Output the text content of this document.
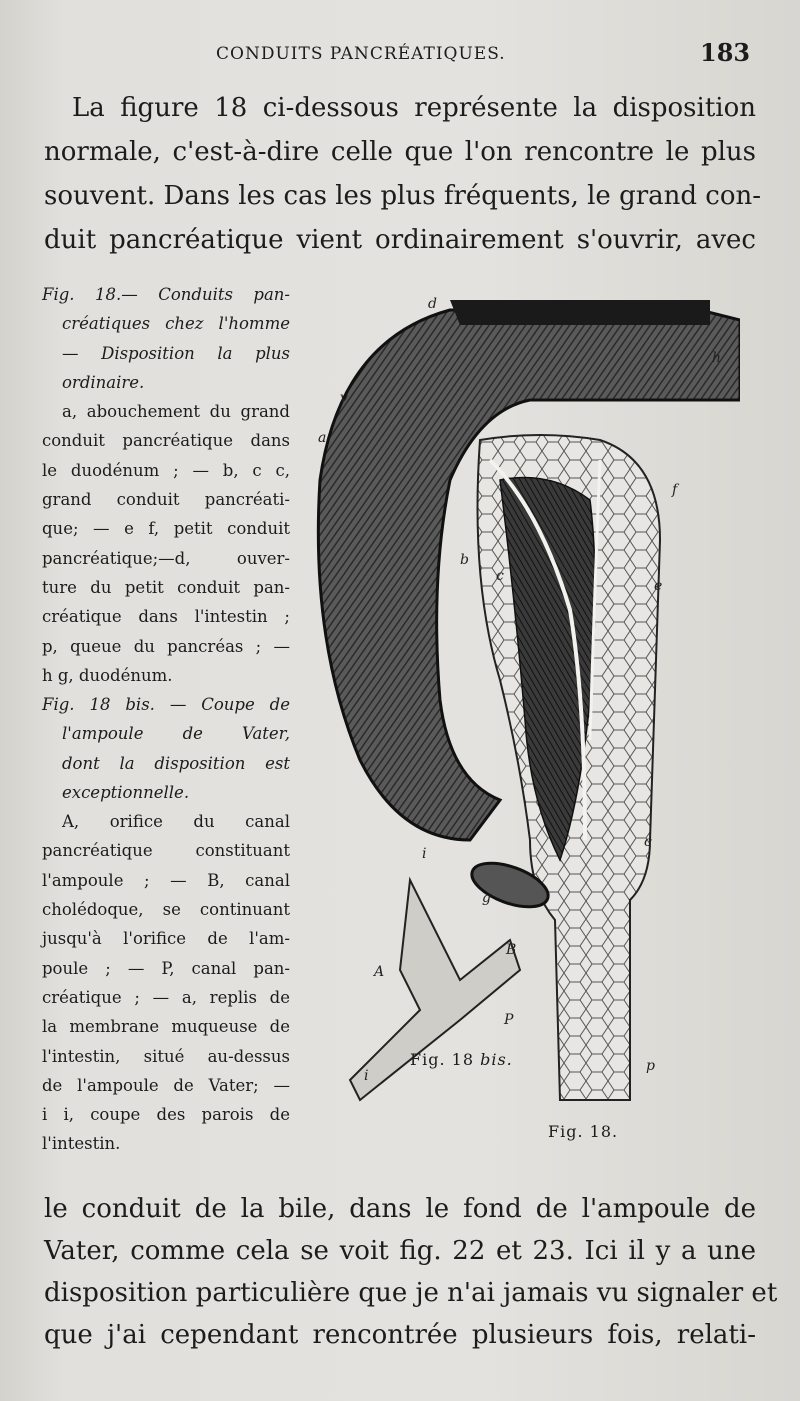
CONDUITS PANCRÉATIQUES.	183
La figure 18 ci-dessous représente la disposition
normale, c'est-à-dire celle que l'on rencontre le plus
souvent. Dans les cas les plus fréquents, le grand con-
duit pancréatique vient ordinairement s'ouvrir, avec
Fig. 18.— Conduits pan-
créatiques chez l'homme
— Disposition la plus
ordinaire.
a, abouchement du grand
conduit pancréatique dans
le duodénum ; — b, c c,
grand conduit pancréati-
que; — e f, petit conduit
pancréatique;—d, ouver-
ture du petit conduit pan-
créatique dans l'intestin ;
p, queue du pancréas ; —
h g, duodénum.
Fig. 18 bis. — Coupe de
l'ampoule de Vater,
dont la disposition est
exceptionnelle.
A, orifice du canal
pancréatique constituant
l'ampoule ; — B, canal
cholédoque, se continuant
jusqu'à l'orifice de l'am-
poule ; — P, canal pan-
créatique ; — a, replis de
la membrane muqueuse de
l'intestin, situé au-dessus
de l'ampoule de Vater; —
i i, coupe des parois de
l'intestin.
d
h
v
a
f
b
c
e
c
i
g
B
A
P
i
p
Fig. 18 bis.
Fig. 18.
le conduit de la bile, dans le fond de l'ampoule de
Vater, comme cela se voit fig. 22 et 23. Ici il y a une
disposition particulière que je n'ai jamais vu signaler et
que j'ai cependant rencontrée plusieurs fois, relati-
